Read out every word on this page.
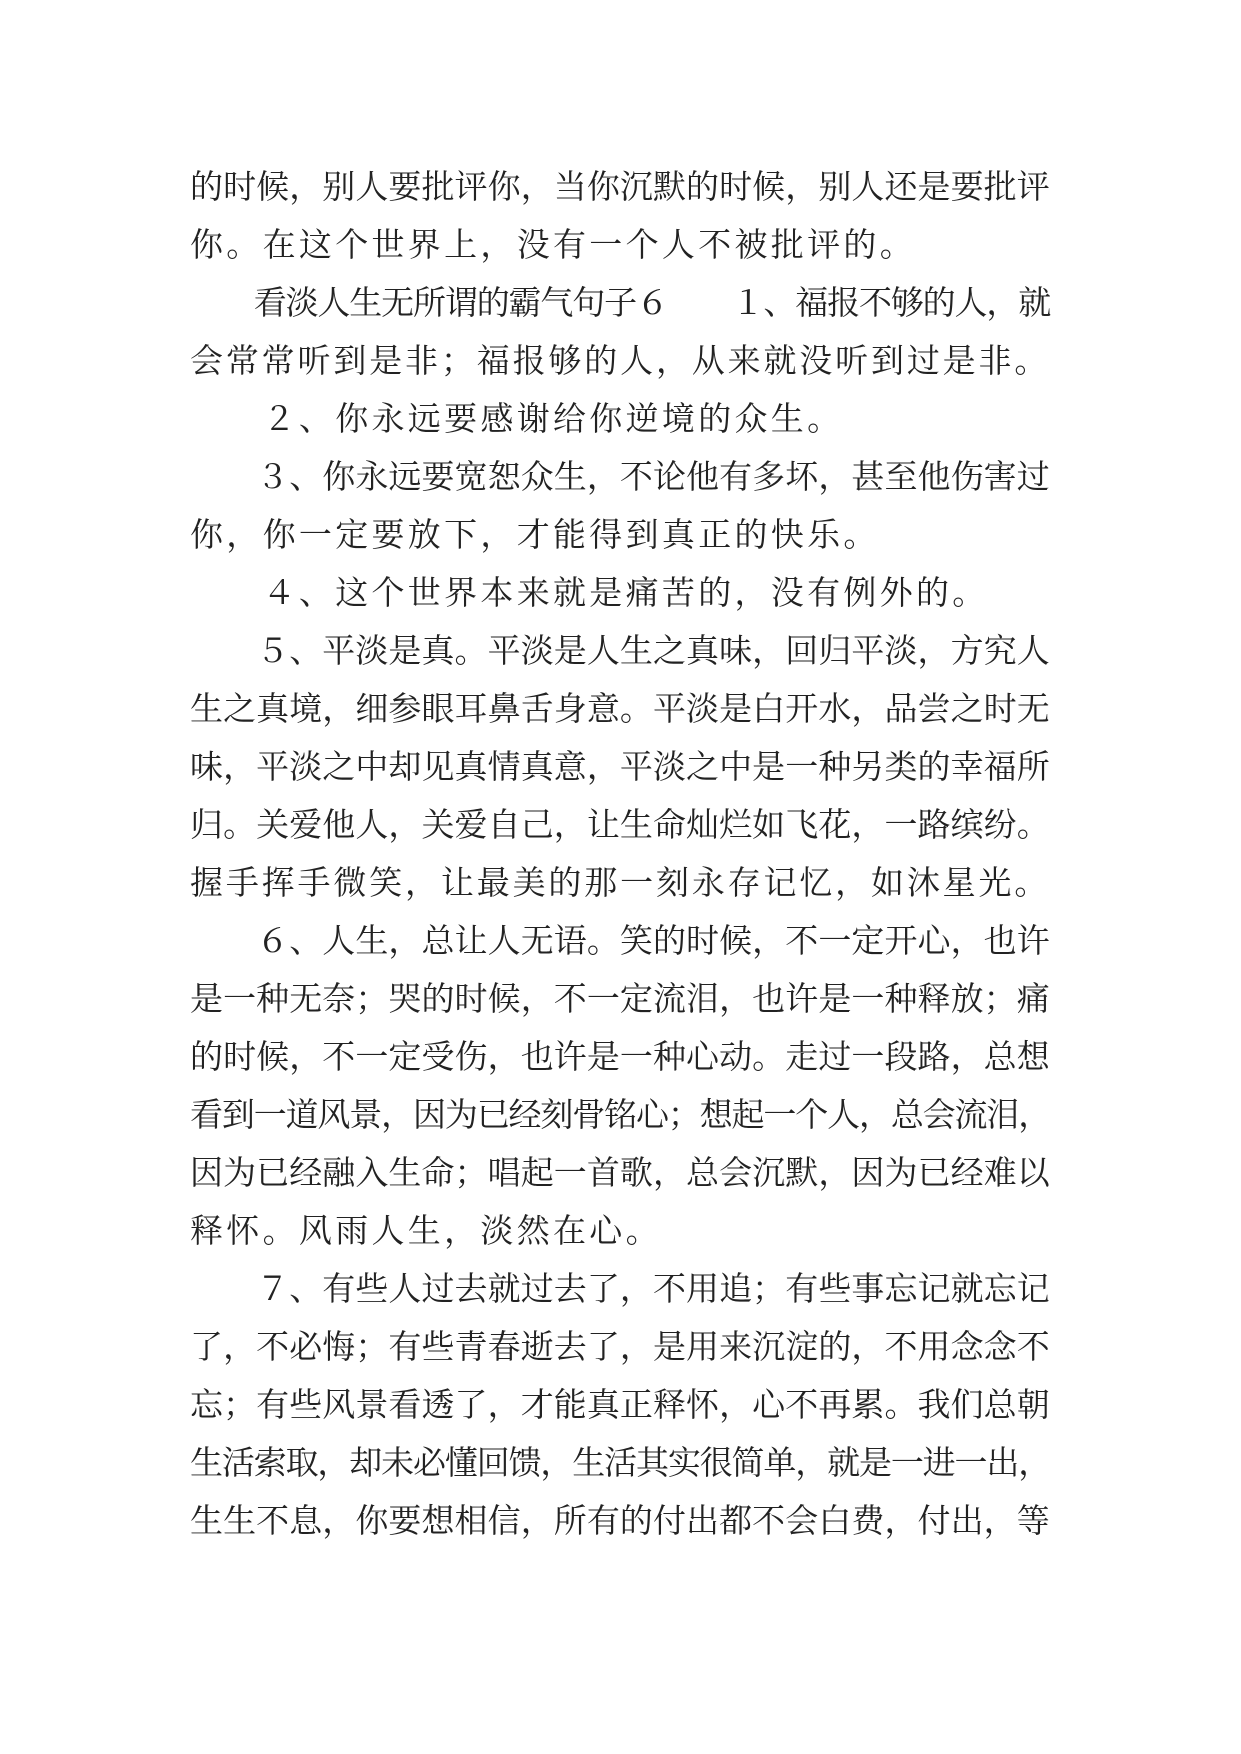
的时候，别人要批评你，当你沉默的时候，别人还是要批评
你。在这个世界上，没有一个人不被批评的。
　　看淡人生无所谓的霸气句子６　　１、福报不够的人，就
会常常听到是非；福报够的人，从来就没听到过是非。
　　２、你永远要感谢给你逆境的众生。
　　３、你永远要宽恕众生，不论他有多坏，甚至他伤害过
你，你一定要放下，才能得到真正的快乐。
　　４、这个世界本来就是痛苦的，没有例外的。
　　５、平淡是真。平淡是人生之真味，回归平淡，方究人
生之真境，细参眼耳鼻舌身意。平淡是白开水，品尝之时无
味，平淡之中却见真情真意，平淡之中是一种另类的幸福所
归。关爱他人，关爱自己，让生命灿烂如飞花，一路缤纷。
握手挥手微笑，让最美的那一刻永存记忆，如沐星光。
　　６、人生，总让人无语。笑的时候，不一定开心，也许
是一种无奈；哭的时候，不一定流泪，也许是一种释放；痛
的时候，不一定受伤，也许是一种心动。走过一段路，总想
看到一道风景，因为已经刻骨铭心；想起一个人，总会流泪，
因为已经融入生命；唱起一首歌，总会沉默，因为已经难以
释怀。风雨人生，淡然在心。
　　７、有些人过去就过去了，不用追；有些事忘记就忘记
了，不必悔；有些青春逝去了，是用来沉淀的，不用念念不
忘；有些风景看透了，才能真正释怀，心不再累。我们总朝
生活索取，却未必懂回馈，生活其实很简单，就是一进一出，
生生不息，你要想相信，所有的付出都不会白费，付出，等
